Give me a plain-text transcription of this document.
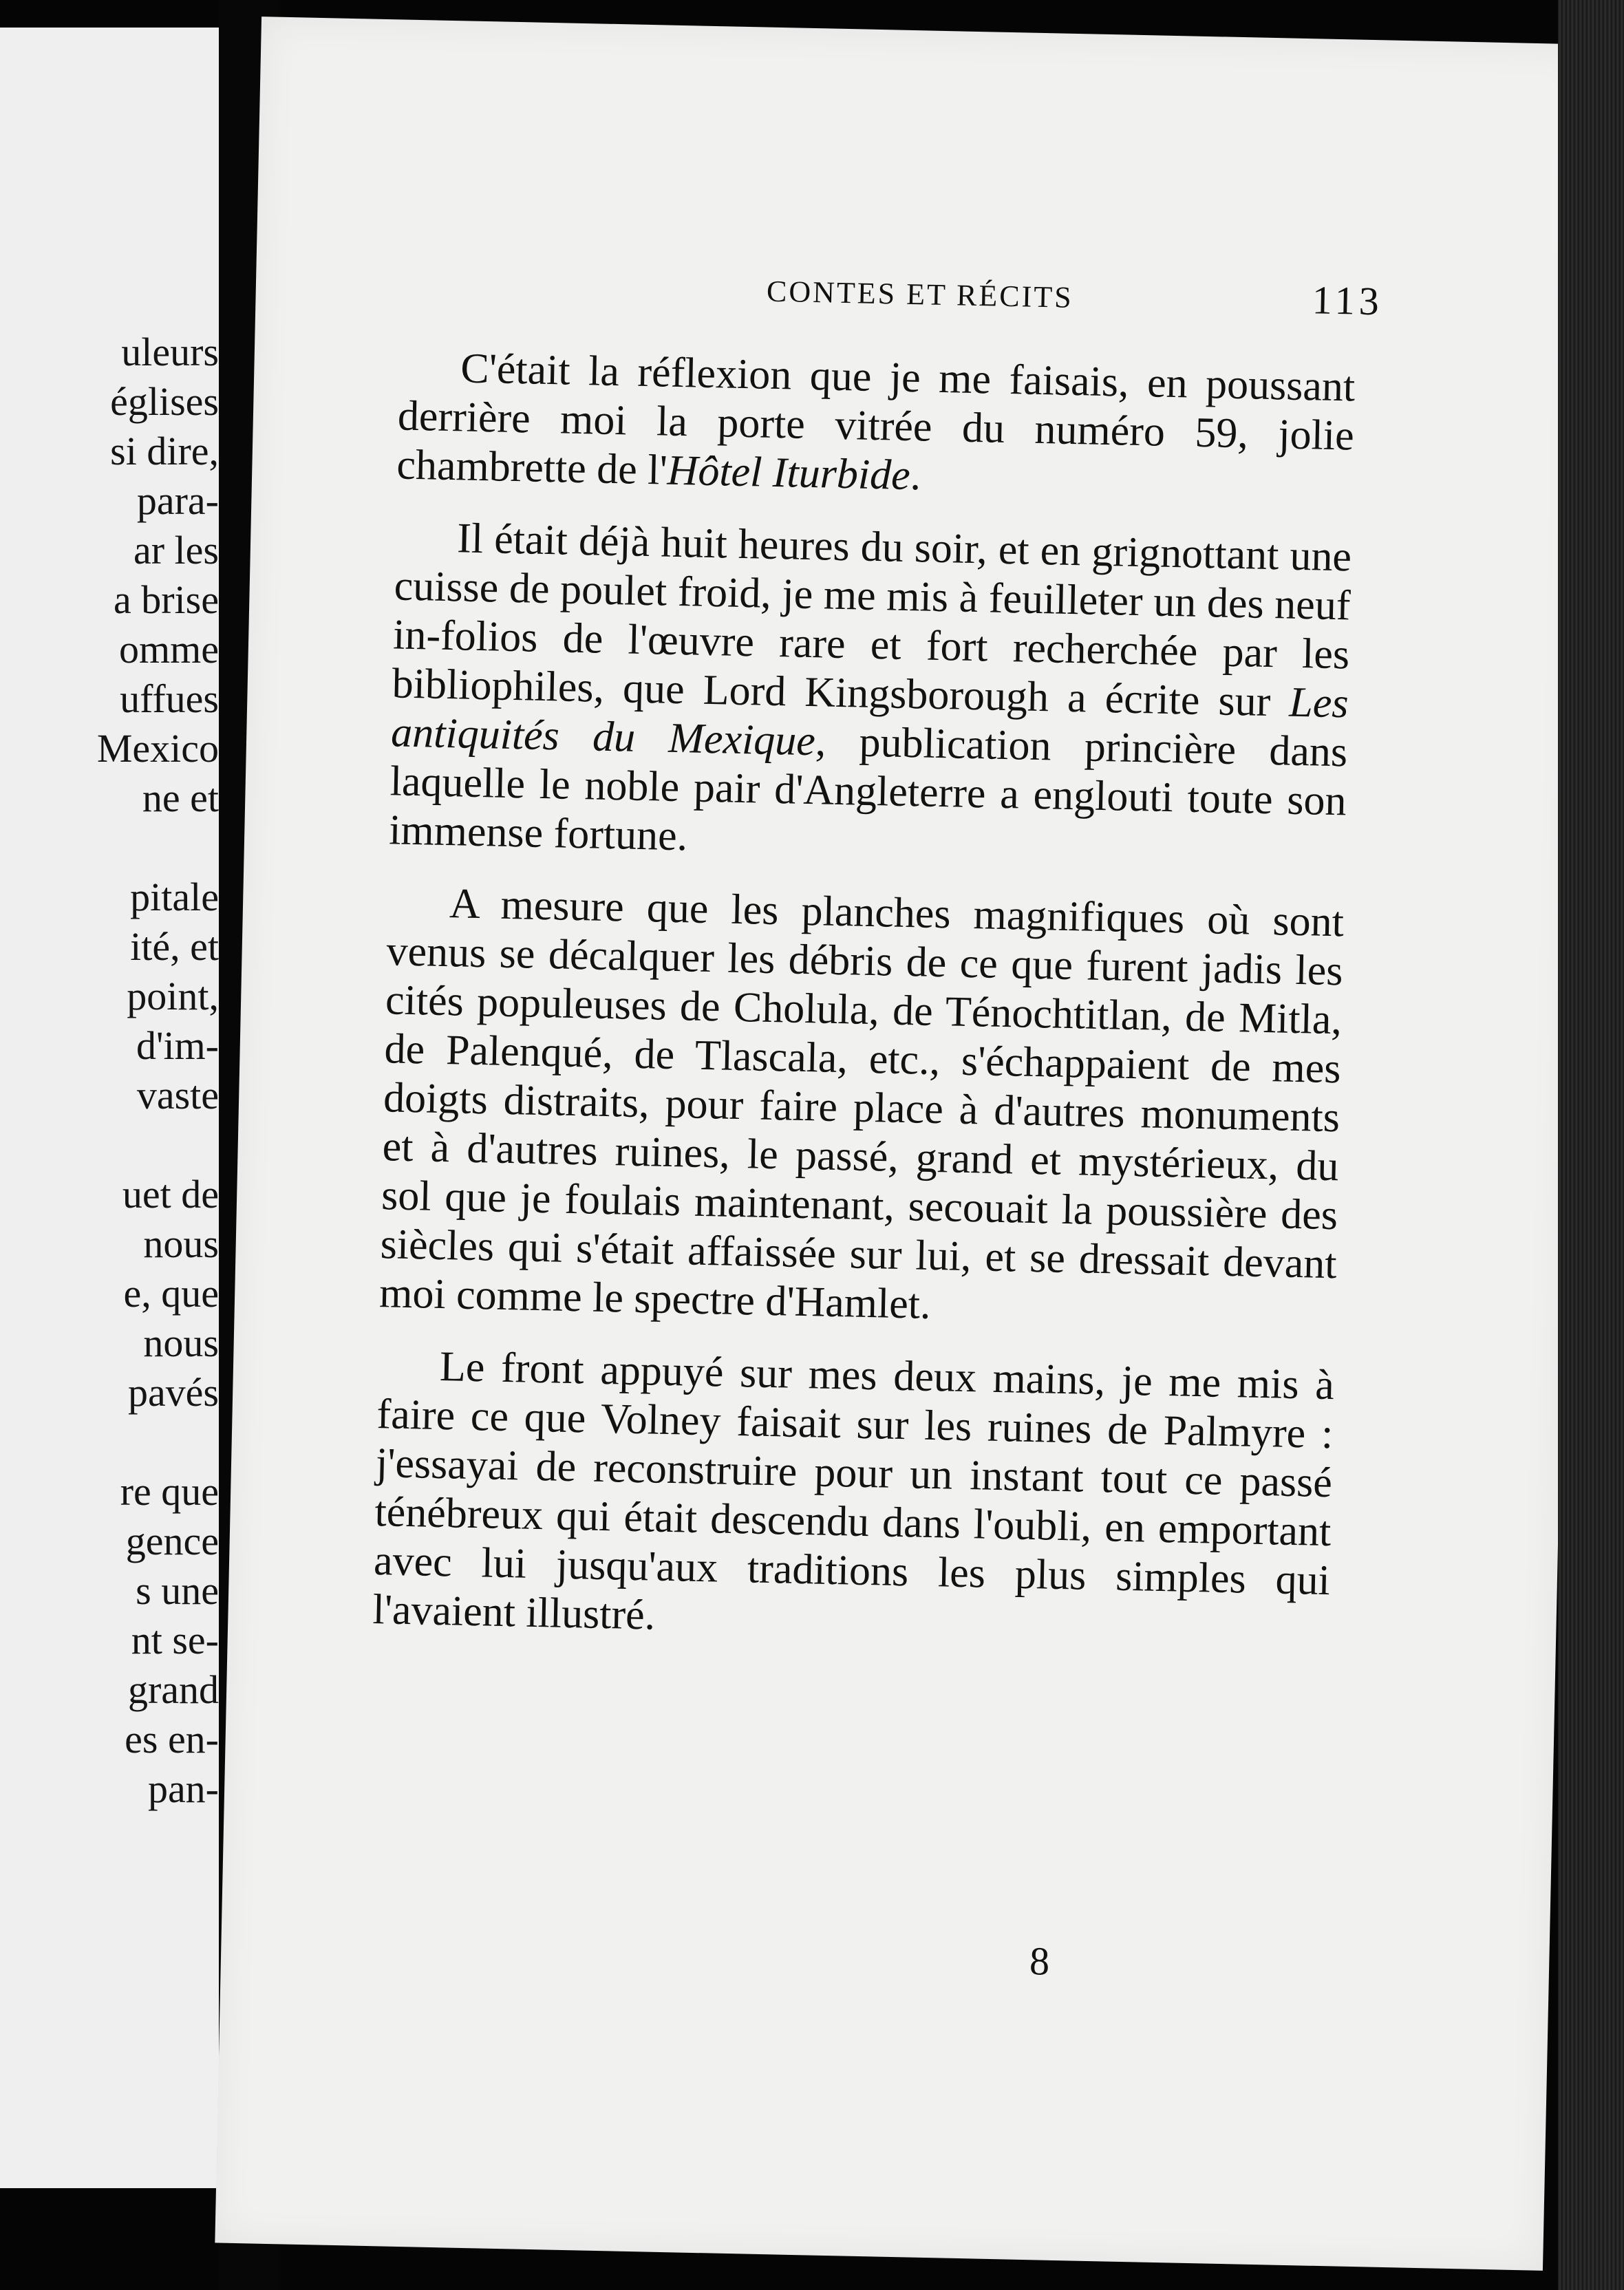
uleurs
églises
si dire,
para-
ar les
a brise
omme
uffues
Mexico
ne et
pitale
ité, et
point,
d'im-
vaste
uet de
nous
e, que
nous
pavés
re que
gence
s une
nt se-
grand
es en-
pan-
CONTES ET RÉCITS	113

C'était la réflexion que je me faisais, en poussant derrière moi la porte vitrée du numéro 59, jolie chambrette de l'Hôtel Iturbide.

Il était déjà huit heures du soir, et en grignottant une cuisse de poulet froid, je me mis à feuilleter un des neuf in-folios de l'œuvre rare et fort recherchée par les bibliophiles, que Lord Kingsborough a écrite sur Les antiquités du Mexique, publication princière dans laquelle le noble pair d'Angleterre a englouti toute son immense fortune.

A mesure que les planches magnifiques où sont venus se décalquer les débris de ce que furent jadis les cités populeuses de Cholula, de Ténochtitlan, de Mitla, de Palenqué, de Tlascala, etc., s'échappaient de mes doigts distraits, pour faire place à d'autres monuments et à d'autres ruines, le passé, grand et mystérieux, du sol que je foulais maintenant, secouait la poussière des siècles qui s'était affaissée sur lui, et se dressait devant moi comme le spectre d'Hamlet.

Le front appuyé sur mes deux mains, je me mis à faire ce que Volney faisait sur les ruines de Palmyre : j'essayai de reconstruire pour un instant tout ce passé ténébreux qui était descendu dans l'oubli, en emportant avec lui jusqu'aux traditions les plus simples qui l'avaient illustré.

8
